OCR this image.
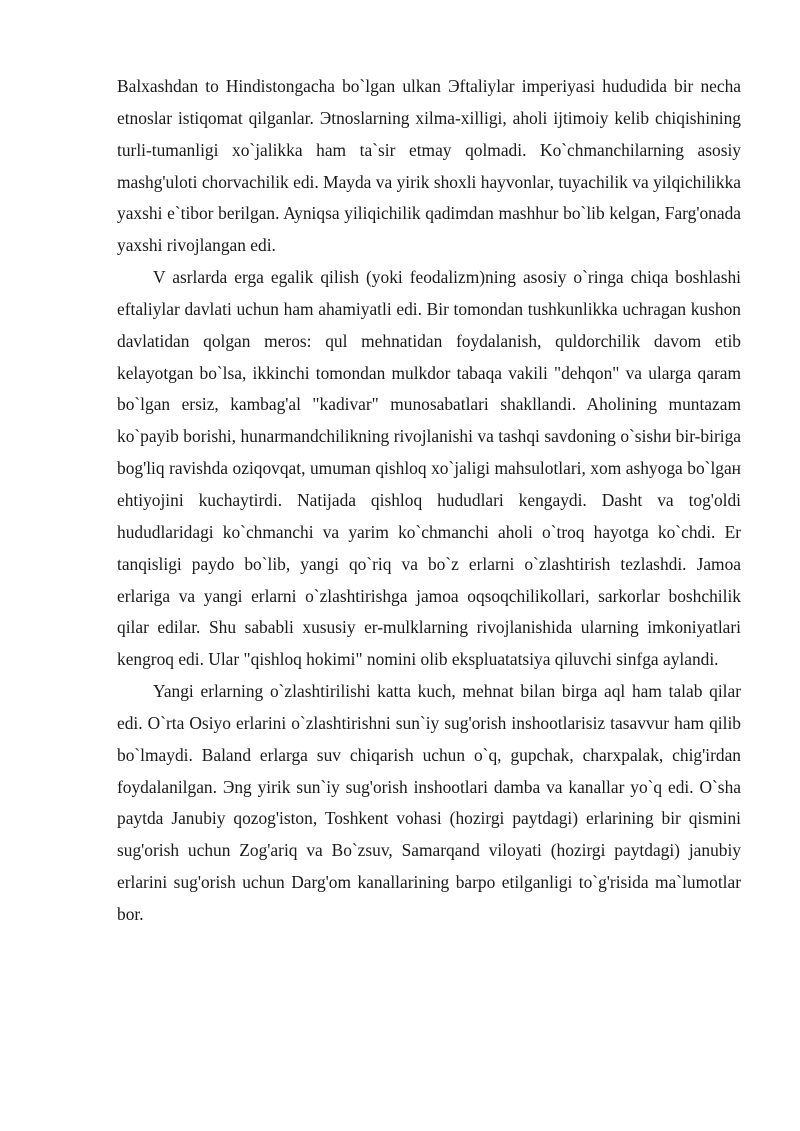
Balxashdan to Hindistongacha bo`lgan ulkan Эftaliylar imperiyasi hududida bir necha etnoslar istiqomat qilganlar. Эtnoslarning xilma-xilligi, aholi ijtimoiy kelib chiqishining turli-tumanligi xo`jalikka ham ta`sir etmay qolmadi. Ko`chmanchilarning asosiy mashg'uloti chorvachilik edi. Mayda va yirik shoxli hayvonlar, tuyachilik va yilqichilikka yaxshi e`tibor berilgan. Ayniqsa yiliqichilik qadimdan mashhur bo`lib kelgan, Farg'onada yaxshi rivojlangan edi.

V asrlarda erga egalik qilish (yoki feodalizm)ning asosiy o`ringa chiqa boshlashi eftaliylar davlati uchun ham ahamiyatli edi. Bir tomondan tushkunlikka uchragan kushon davlatidan qolgan meros: qul mehnatidan foydalanish, quldorchilik davom etib kelayotgan bo`lsa, ikkinchi tomondan mulkdor tabaqa vakili "dehqon" va ularga qaram bo`lgan ersiz, kambag'al "kadivar" munosabatlari shakllandi. Aholining muntazam ko`payib borishi, hunarmandchilikning rivojlanishi va tashqi savdoning o`sishи bir-biriga bog'liq ravishda oziqovqat, umuman qishloq xo`jaligi mahsulotlari, xom ashyoga bo`lgaн ehtiyojini kuchaytirdi. Natijada qishloq hududlari kengaydi. Dasht va tog'oldi hududlaridagi ko`chmanchi va yarim ko`chmanchi aholi o`troq hayotga ko`chdi. Er tanqisligi paydo bo`lib, yangi qo`riq va bo`z erlarni o`zlashtirish tezlashdi. Jamoa erlariga va yangi erlarni o`zlashtirishga jamoa oqsoqchilikollari, sarkorlar boshchilik qilar edilar. Shu sababli xususiy er-mulklarning rivojlanishida ularning imkoniyatlari kengroq edi. Ular "qishloq hokimi" nomini olib ekspluatatsiya qiluvchi sinfga aylandi.

Yangi erlarning o`zlashtirilishi katta kuch, mehnat bilan birga aql ham talab qilar edi. O`rta Osiyo erlarini o`zlashtirishni sun`iy sug'orish inshootlarisiz tasavvur ham qilib bo`lmaydi. Baland erlarga suv chiqarish uchun o`q, gupchak, charxpalak, chig'irdan foydalanilgan. Эng yirik sun`iy sug'orish inshootlari damba va kanallar yo`q edi. O`sha paytda Janubiy qozog'iston, Toshkent vohasi (hozirgi paytdagi) erlarining bir qismini sug'orish uchun Zog'ariq va Bo`zsuv, Samarqand viloyati (hozirgi paytdagi) janubiy erlarini sug'orish uchun Darg'om kanallarining barpo etilganligi to`g'risida ma`lumotlar bor.
